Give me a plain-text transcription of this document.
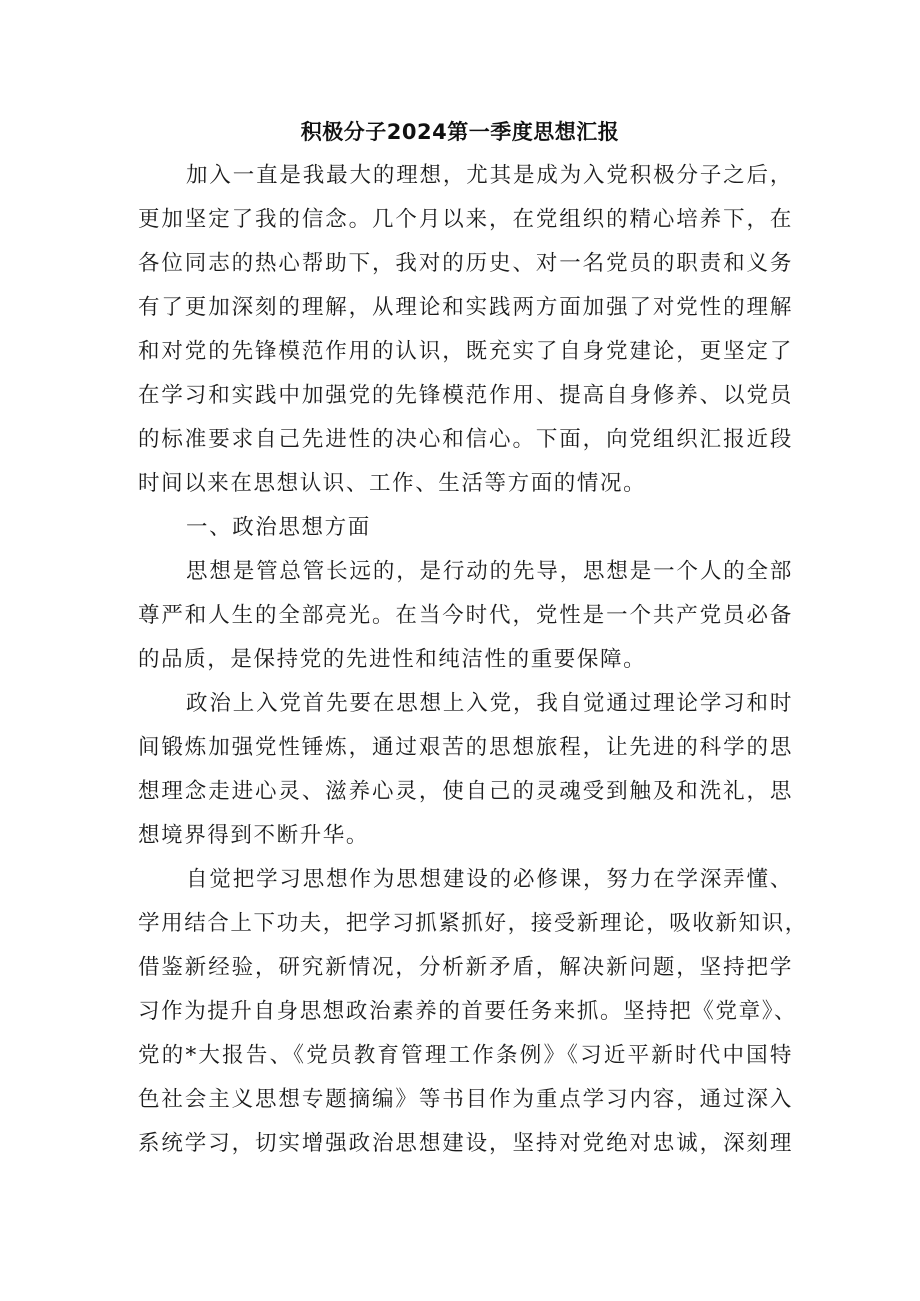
积极分子2024第一季度思想汇报
加入一直是我最大的理想，尤其是成为入党积极分子之后，
更加坚定了我的信念。几个月以来，在党组织的精心培养下，在
各位同志的热心帮助下，我对的历史、对一名党员的职责和义务
有了更加深刻的理解，从理论和实践两方面加强了对党性的理解
和对党的先锋模范作用的认识，既充实了自身党建论，更坚定了
在学习和实践中加强党的先锋模范作用、提高自身修养、以党员
的标准要求自己先进性的决心和信心。下面，向党组织汇报近段
时间以来在思想认识、工作、生活等方面的情况。
一、政治思想方面
思想是管总管长远的，是行动的先导，思想是一个人的全部
尊严和人生的全部亮光。在当今时代，党性是一个共产党员必备
的品质，是保持党的先进性和纯洁性的重要保障。
政治上入党首先要在思想上入党，我自觉通过理论学习和时
间锻炼加强党性锤炼，通过艰苦的思想旅程，让先进的科学的思
想理念走进心灵、滋养心灵，使自己的灵魂受到触及和洗礼，思
想境界得到不断升华。
自觉把学习思想作为思想建设的必修课，努力在学深弄懂、
学用结合上下功夫，把学习抓紧抓好，接受新理论，吸收新知识，
借鉴新经验，研究新情况，分析新矛盾，解决新问题，坚持把学
习作为提升自身思想政治素养的首要任务来抓。坚持把《党章》、
党的*大报告、《党员教育管理工作条例》《习近平新时代中国特
色社会主义思想专题摘编》等书目作为重点学习内容，通过深入
系统学习，切实增强政治思想建设，坚持对党绝对忠诚，深刻理
